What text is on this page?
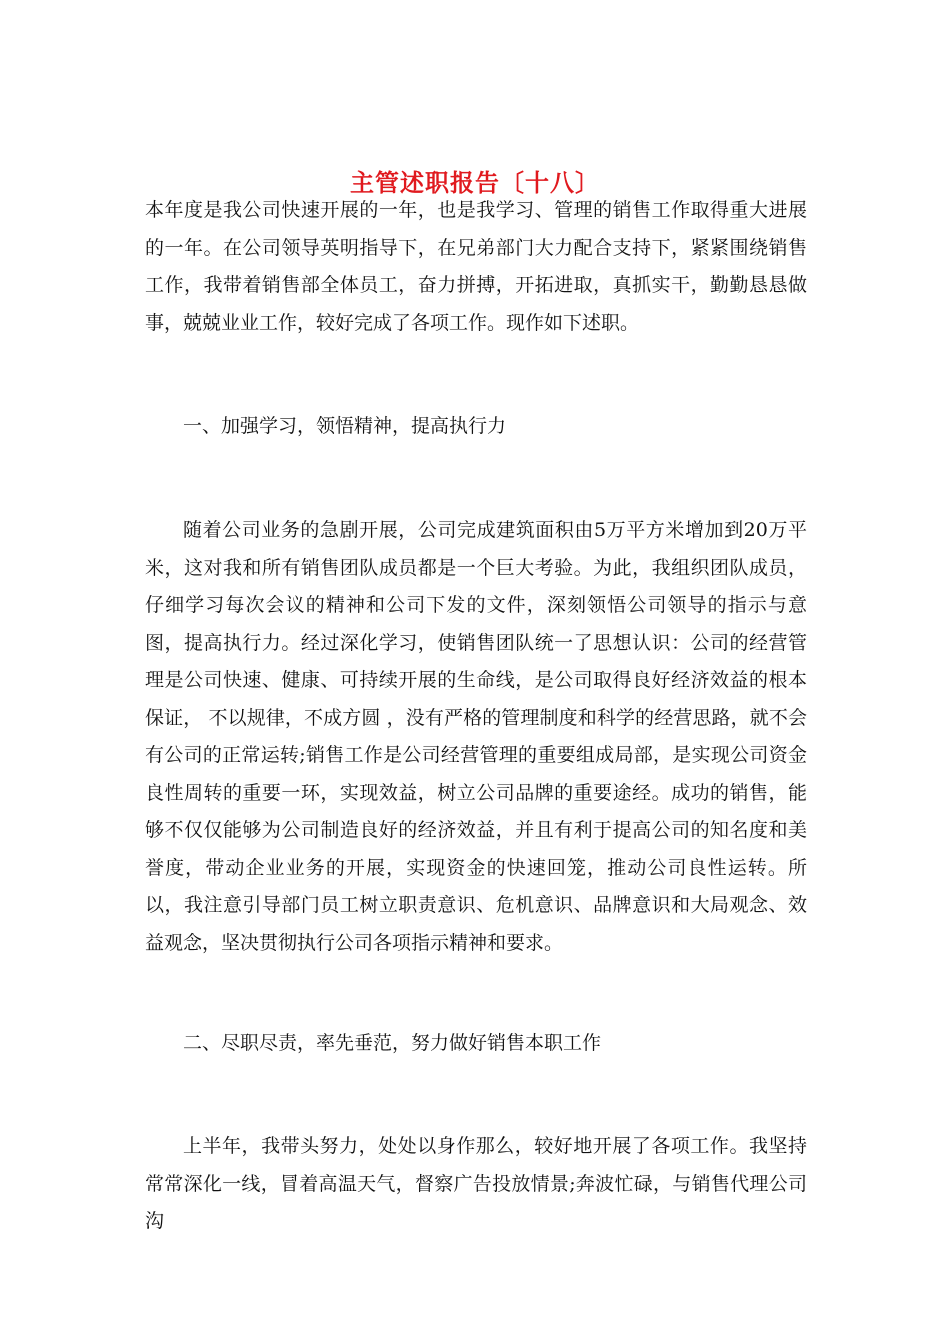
主管述职报告〔十八〕

本年度是我公司快速开展的一年，也是我学习、管理的销售工作取得重大进展的一年。在公司领导英明指导下，在兄弟部门大力配合支持下，紧紧围绕销售工作，我带着销售部全体员工，奋力拼搏，开拓进取，真抓实干，勤勤恳恳做事，兢兢业业工作，较好完成了各项工作。现作如下述职。

一、加强学习，领悟精神，提高执行力

随着公司业务的急剧开展，公司完成建筑面积由5万平方米增加到20万平米，这对我和所有销售团队成员都是一个巨大考验。为此，我组织团队成员，仔细学习每次会议的精神和公司下发的文件，深刻领悟公司领导的指示与意图，提高执行力。经过深化学习，使销售团队统一了思想认识：公司的经营管理是公司快速、健康、可持续开展的生命线，是公司取得良好经济效益的根本保证， 不以规律，不成方圆 ，没有严格的管理制度和科学的经营思路，就不会有公司的正常运转;销售工作是公司经营管理的重要组成局部，是实现公司资金良性周转的重要一环，实现效益，树立公司品牌的重要途经。成功的销售，能够不仅仅能够为公司制造良好的经济效益，并且有利于提高公司的知名度和美誉度，带动企业业务的开展，实现资金的快速回笼，推动公司良性运转。所以，我注意引导部门员工树立职责意识、危机意识、品牌意识和大局观念、效益观念，坚决贯彻执行公司各项指示精神和要求。

二、尽职尽责，率先垂范，努力做好销售本职工作

上半年，我带头努力，处处以身作那么，较好地开展了各项工作。我坚持常常深化一线，冒着高温天气，督察广告投放情景;奔波忙碌，与销售代理公司沟
